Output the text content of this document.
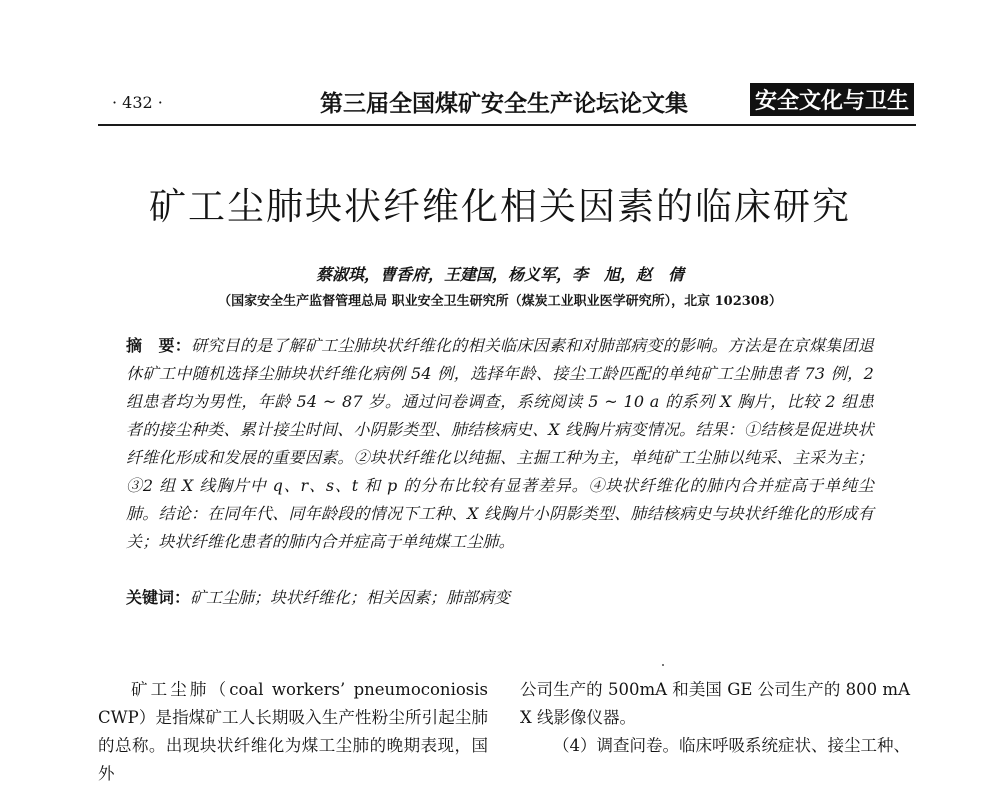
· 432 ·	第三届全国煤矿安全生产论坛论文集	安全文化与卫生
矿工尘肺块状纤维化相关因素的临床研究
蔡淑琪，曹香府，王建国，杨义军，李　旭，赵　倩
（国家安全生产监督管理总局 职业安全卫生研究所（煤炭工业职业医学研究所），北京 102308）
摘　要：研究目的是了解矿工尘肺块状纤维化的相关临床因素和对肺部病变的影响。方法是在京煤集团退休矿工中随机选择尘肺块状纤维化病例 54 例，选择年龄、接尘工龄匹配的单纯矿工尘肺患者 73 例，2 组患者均为男性，年龄 54 ~ 87 岁。通过问卷调查，系统阅读 5 ~ 10 a 的系列 X 胸片，比较 2 组患者的接尘种类、累计接尘时间、小阴影类型、肺结核病史、X 线胸片病变情况。结果：①结核是促进块状纤维化形成和发展的重要因素。②块状纤维化以纯掘、主掘工种为主，单纯矿工尘肺以纯采、主采为主；③2 组 X 线胸片中 q、r、s、t 和 p 的分布比较有显著差异。④块状纤维化的肺内合并症高于单纯尘肺。结论：在同年代、同年龄段的情况下工种、X 线胸片小阴影类型、肺结核病史与块状纤维化的形成有关；块状纤维化患者的肺内合并症高于单纯煤工尘肺。
关键词：矿工尘肺；块状纤维化；相关因素；肺部病变
矿工尘肺（coal workers’ pneumoconiosis CWP）是指煤矿工人长期吸入生产性粉尘所引起尘肺的总称。出现块状纤维化为煤工尘肺的晚期表现，国外
公司生产的 500mA 和美国 GE 公司生产的 800 mA X 线影像仪器。
（4）调查问卷。临床呼吸系统症状、接尘工种、
